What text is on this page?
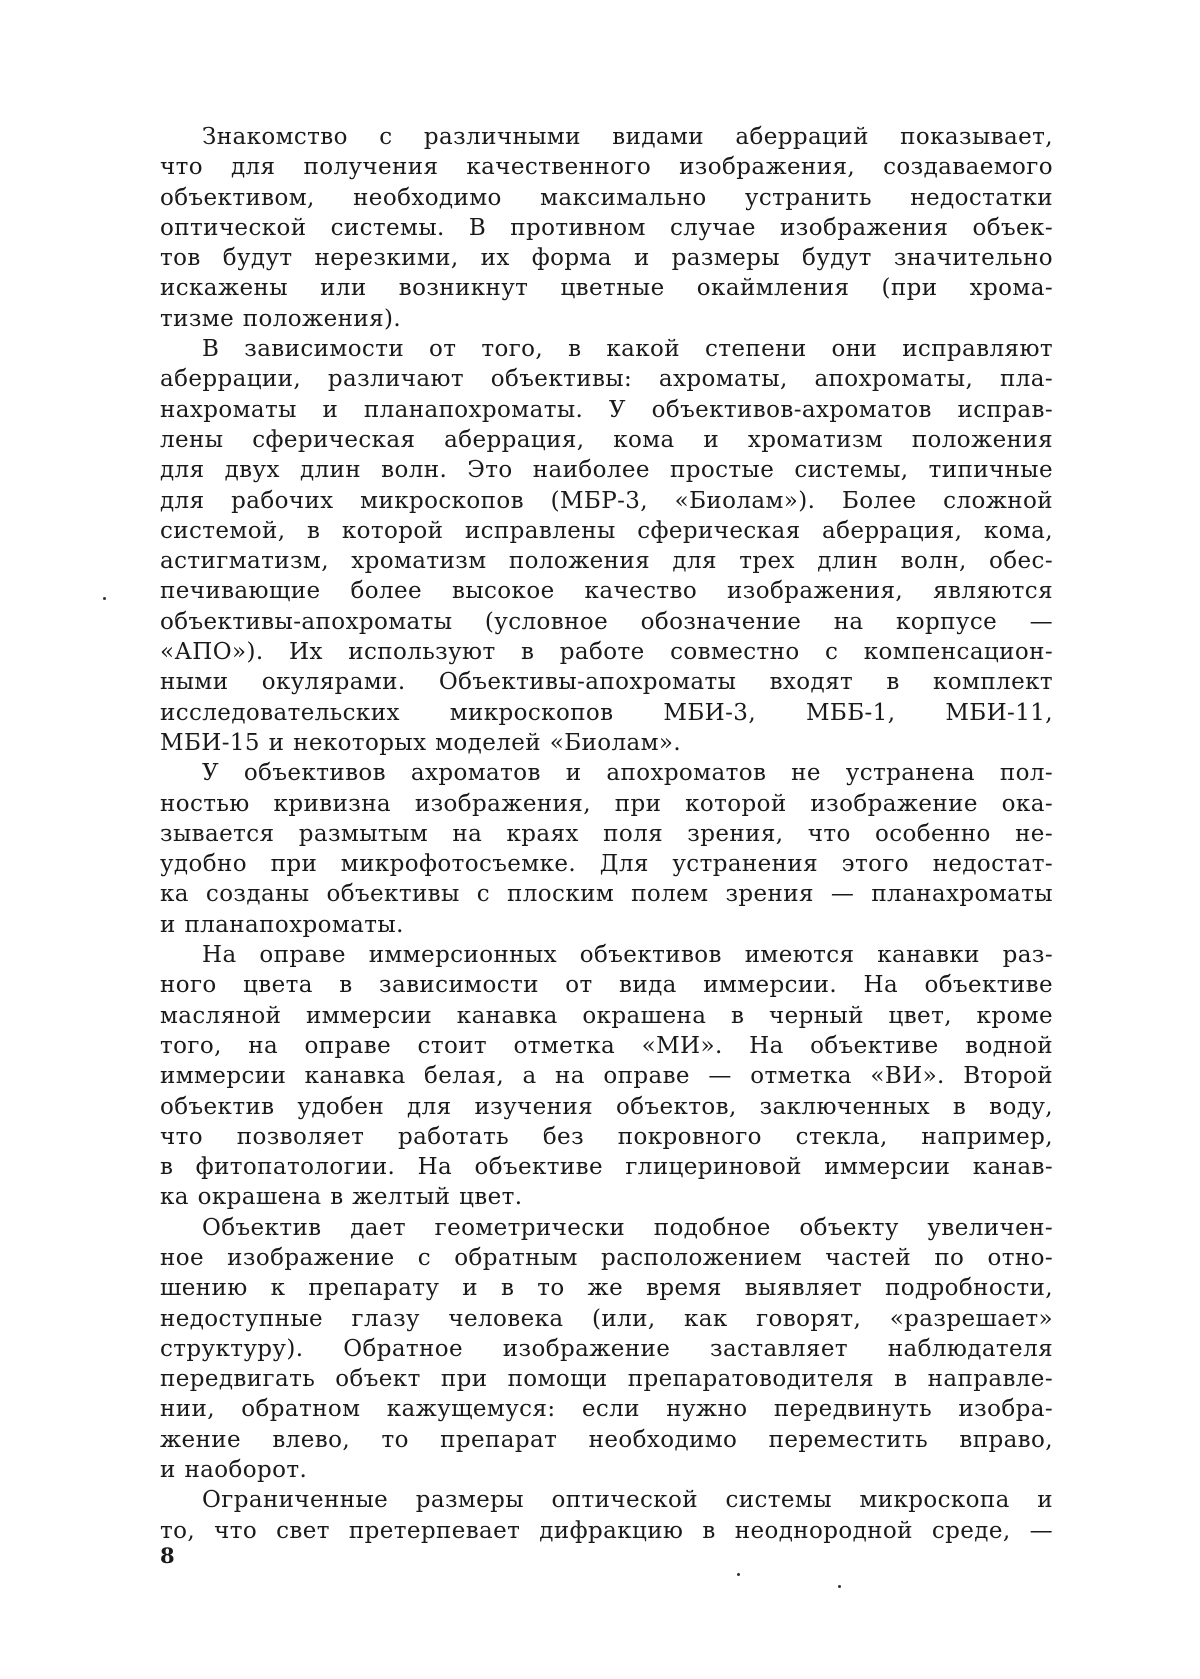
Знакомство с различными видами аберраций показывает,
что для получения качественного изображения, создаваемого
объективом, необходимо максимально устранить недостатки
оптической системы. В противном случае изображения объек-
тов будут нерезкими, их форма и размеры будут значительно
искажены или возникнут цветные окаймления (при хрома-
тизме положения).
В зависимости от того, в какой степени они исправляют
аберрации, различают объективы: ахроматы, апохроматы, пла-
нахроматы и планапохроматы. У объективов-ахроматов исправ-
лены сферическая аберрация, кома и хроматизм положения
для двух длин волн. Это наиболее простые системы, типичные
для рабочих микроскопов (МБР-3, «Биолам»). Более сложной
системой, в которой исправлены сферическая аберрация, кома,
астигматизм, хроматизм положения для трех длин волн, обес-
печивающие более высокое качество изображения, являются
объективы-апохроматы (условное обозначение на корпусе —
«АПО»). Их используют в работе совместно с компенсацион-
ными окулярами. Объективы-апохроматы входят в комплект
исследовательских микроскопов МБИ-3, МББ-1, МБИ-11,
МБИ-15 и некоторых моделей «Биолам».
У объективов ахроматов и апохроматов не устранена пол-
ностью кривизна изображения, при которой изображение ока-
зывается размытым на краях поля зрения, что особенно не-
удобно при микрофотосъемке. Для устранения этого недостат-
ка созданы объективы с плоским полем зрения — планахроматы
и планапохроматы.
На оправе иммерсионных объективов имеются канавки раз-
ного цвета в зависимости от вида иммерсии. На объективе
масляной иммерсии канавка окрашена в черный цвет, кроме
того, на оправе стоит отметка «МИ». На объективе водной
иммерсии канавка белая, а на оправе — отметка «ВИ». Второй
объектив удобен для изучения объектов, заключенных в воду,
что позволяет работать без покровного стекла, например,
в фитопатологии. На объективе глицериновой иммерсии канав-
ка окрашена в желтый цвет.
Объектив дает геометрически подобное объекту увеличен-
ное изображение с обратным расположением частей по отно-
шению к препарату и в то же время выявляет подробности,
недоступные глазу человека (или, как говорят, «разрешает»
структуру). Обратное изображение заставляет наблюдателя
передвигать объект при помощи препаратоводителя в направле-
нии, обратном кажущемуся: если нужно передвинуть изобра-
жение влево, то препарат необходимо переместить вправо,
и наоборот.
Ограниченные размеры оптической системы микроскопа и
то, что свет претерпевает дифракцию в неоднородной среде, —
8
